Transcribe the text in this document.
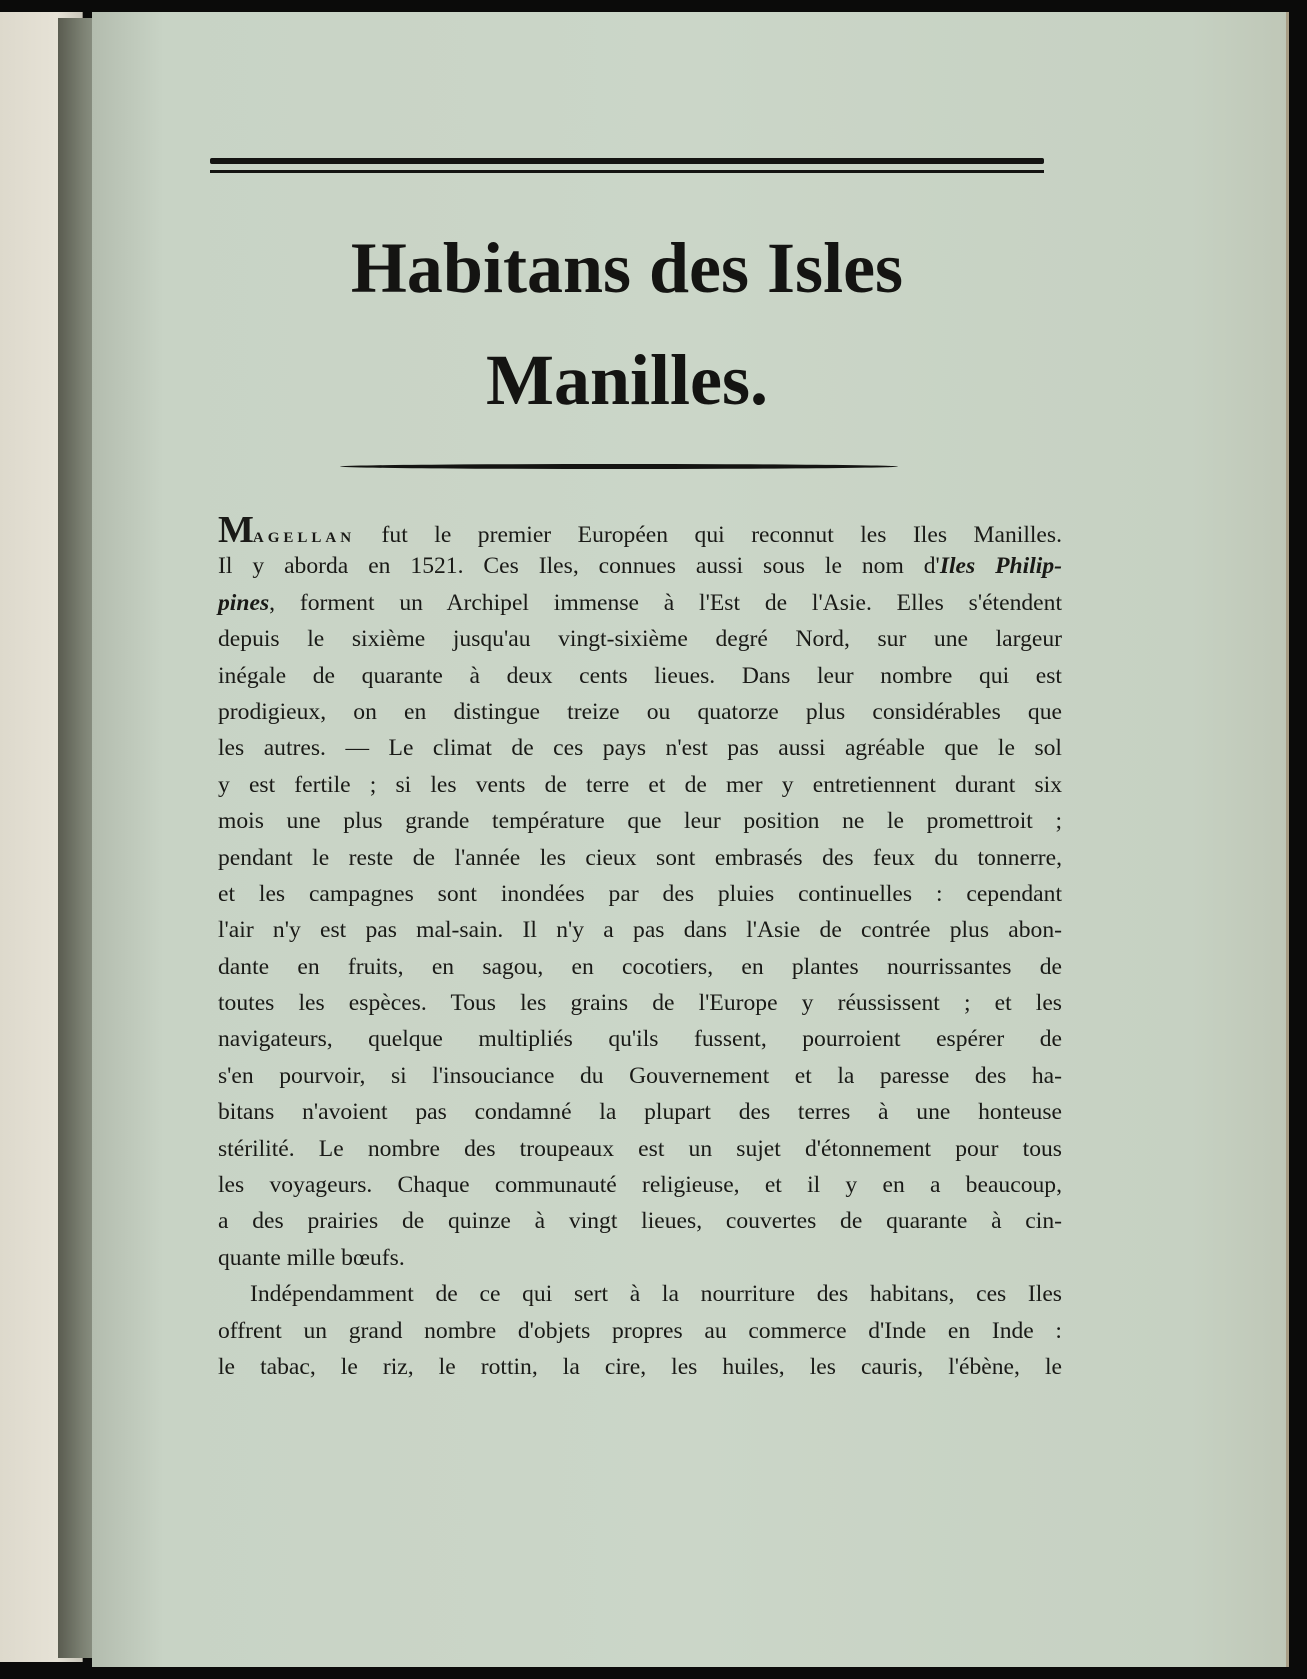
Habitans des Isles
Manilles.
MAGELLAN fut le premier Européen qui reconnut les Iles Manilles.
Il y aborda en 1521. Ces Iles, connues aussi sous le nom d'Iles Philip-
pines, forment un Archipel immense à l'Est de l'Asie. Elles s'étendent
depuis le sixième jusqu'au vingt-sixième degré Nord, sur une largeur
inégale de quarante à deux cents lieues. Dans leur nombre qui est
prodigieux, on en distingue treize ou quatorze plus considérables que
les autres. — Le climat de ces pays n'est pas aussi agréable que le sol
y est fertile ; si les vents de terre et de mer y entretiennent durant six
mois une plus grande température que leur position ne le promettroit ;
pendant le reste de l'année les cieux sont embrasés des feux du tonnerre,
et les campagnes sont inondées par des pluies continuelles : cependant
l'air n'y est pas mal-sain. Il n'y a pas dans l'Asie de contrée plus abon-
dante en fruits, en sagou, en cocotiers, en plantes nourrissantes de
toutes les espèces. Tous les grains de l'Europe y réussissent ; et les
navigateurs, quelque multipliés qu'ils fussent, pourroient espérer de
s'en pourvoir, si l'insouciance du Gouvernement et la paresse des ha-
bitans n'avoient pas condamné la plupart des terres à une honteuse
stérilité. Le nombre des troupeaux est un sujet d'étonnement pour tous
les voyageurs. Chaque communauté religieuse, et il y en a beaucoup,
a des prairies de quinze à vingt lieues, couvertes de quarante à cin-
quante mille bœufs.
Indépendamment de ce qui sert à la nourriture des habitans, ces Iles
offrent un grand nombre d'objets propres au commerce d'Inde en Inde :
le tabac, le riz, le rottin, la cire, les huiles, les cauris, l'ébène, le
